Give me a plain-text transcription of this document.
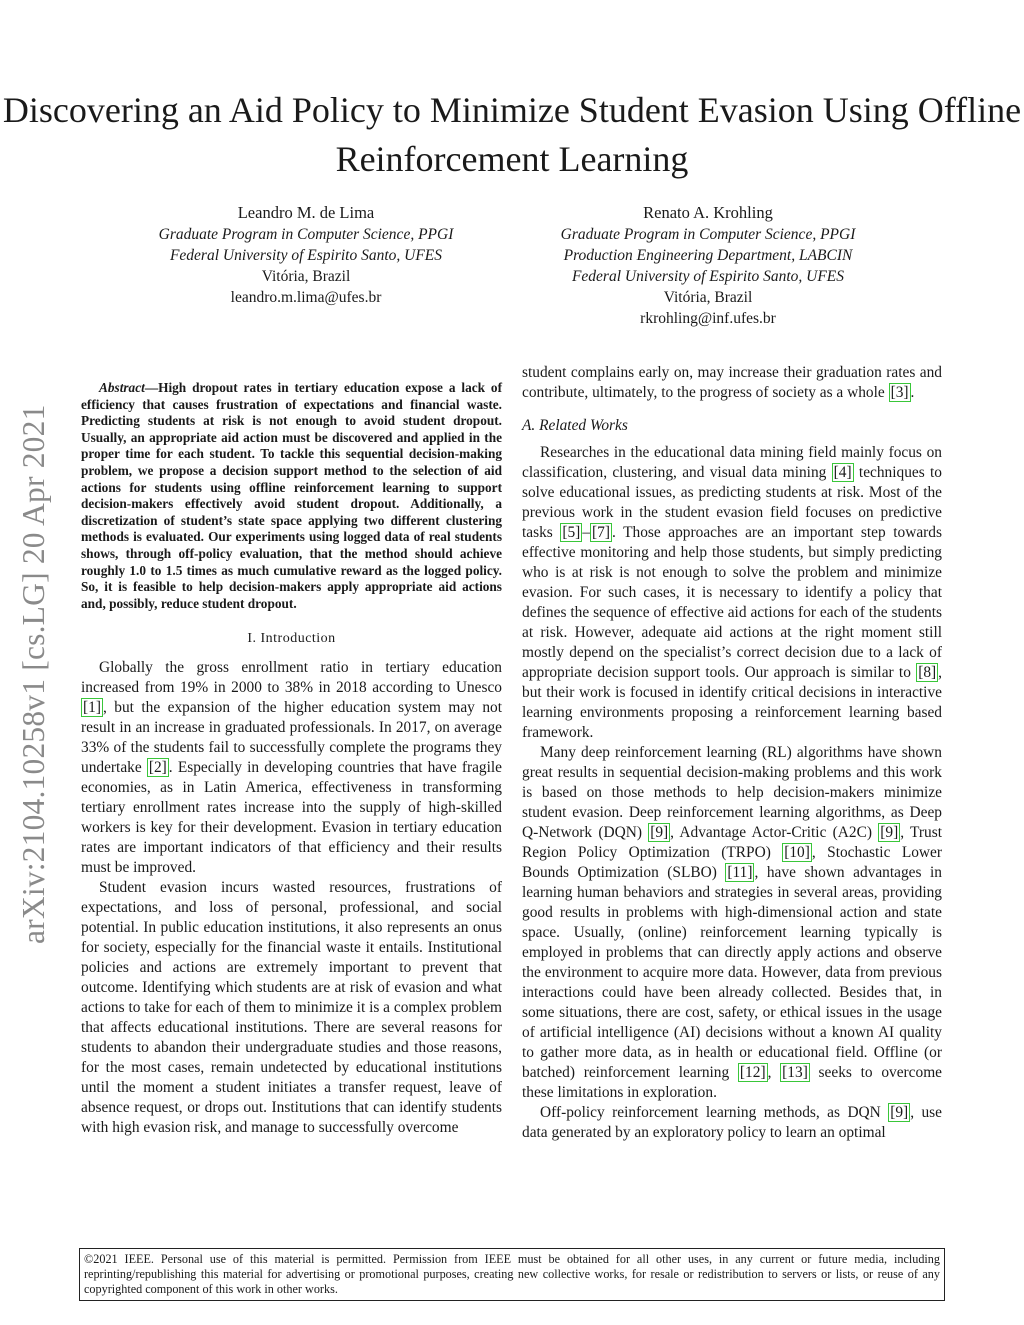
Discovering an Aid Policy to Minimize Student Evasion Using Offline Reinforcement Learning
Leandro M. de Lima
Graduate Program in Computer Science, PPGI
Federal University of Espirito Santo, UFES
Vitória, Brazil
leandro.m.lima@ufes.br
Renato A. Krohling
Graduate Program in Computer Science, PPGI
Production Engineering Department, LABCIN
Federal University of Espirito Santo, UFES
Vitória, Brazil
rkrohling@inf.ufes.br
arXiv:2104.10258v1 [cs.LG] 20 Apr 2021
Abstract—High dropout rates in tertiary education expose a lack of efficiency that causes frustration of expectations and financial waste. Predicting students at risk is not enough to avoid student dropout. Usually, an appropriate aid action must be discovered and applied in the proper time for each student. To tackle this sequential decision-making problem, we propose a decision support method to the selection of aid actions for students using offline reinforcement learning to support decision-makers effectively avoid student dropout. Additionally, a discretization of student’s state space applying two different clustering methods is evaluated. Our experiments using logged data of real students shows, through off-policy evaluation, that the method should achieve roughly 1.0 to 1.5 times as much cumulative reward as the logged policy. So, it is feasible to help decision-makers apply appropriate aid actions and, possibly, reduce student dropout.
I. Introduction

Globally the gross enrollment ratio in tertiary education increased from 19% in 2000 to 38% in 2018 according to Unesco [1] , but the expansion of the higher education system may not result in an increase in graduated professionals. In 2017, on average 33% of the students fail to successfully complete the programs they undertake [2] . Especially in developing countries that have fragile economies, as in Latin America, effectiveness in transforming tertiary enrollment rates increase into the supply of high-skilled workers is key for their development. Evasion in tertiary education rates are important indicators of that efficiency and their results must be improved.

Student evasion incurs wasted resources, frustrations of expectations, and loss of personal, professional, and social potential. In public education institutions, it also represents an onus for society, especially for the financial waste it entails. Institutional policies and actions are extremely important to prevent that outcome. Identifying which students are at risk of evasion and what actions to take for each of them to minimize it is a complex problem that affects educational institutions. There are several reasons for students to abandon their undergraduate studies and those reasons, for the most cases, remain undetected by educational institutions until the moment a student initiates a transfer request, leave of absence request, or drops out. Institutions that can identify students with high evasion risk, and manage to successfully overcome

student complains early on, may increase their graduation rates and contribute, ultimately, to the progress of society as a whole [3] .

A. Related Works

Researches in the educational data mining field mainly focus on classification, clustering, and visual data mining [4] techniques to solve educational issues, as predicting students at risk. Most of the previous work in the student evasion field focuses on predictive tasks [5] – [7] . Those approaches are an important step towards effective monitoring and help those students, but simply predicting who is at risk is not enough to solve the problem and minimize evasion. For such cases, it is necessary to identify a policy that defines the sequence of effective aid actions for each of the students at risk. However, adequate aid actions at the right moment still mostly depend on the specialist’s correct decision due to a lack of appropriate decision support tools. Our approach is similar to [8] , but their work is focused in identify critical decisions in interactive learning environments proposing a reinforcement learning based framework.

Many deep reinforcement learning (RL) algorithms have shown great results in sequential decision-making problems and this work is based on those methods to help decision-makers minimize student evasion. Deep reinforcement learning algorithms, as Deep Q-Network (DQN) [9] , Advantage Actor-Critic (A2C) [9] , Trust Region Policy Optimization (TRPO) [10] , Stochastic Lower Bounds Optimization (SLBO) [11] , have shown advantages in learning human behaviors and strategies in several areas, providing good results in problems with high-dimensional action and state space. Usually, (online) reinforcement learning typically is employed in problems that can directly apply actions and observe the environment to acquire more data. However, data from previous interactions could have been already collected. Besides that, in some situations, there are cost, safety, or ethical issues in the usage of artificial intelligence (AI) decisions without a known AI quality to gather more data, as in health or educational field. Offline (or batched) reinforcement learning [12] , [13] seeks to overcome these limitations in exploration.

Off-policy reinforcement learning methods, as DQN [9] , use data generated by an exploratory policy to learn an optimal

©2021 IEEE. Personal use of this material is permitted. Permission from IEEE must be obtained for all other uses, in any current or future media, including reprinting/republishing this material for advertising or promotional purposes, creating new collective works, for resale or redistribution to servers or lists, or reuse of any copyrighted component of this work in other works.
